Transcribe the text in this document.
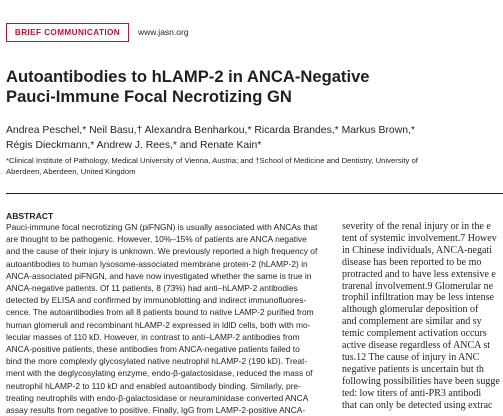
BRIEF COMMUNICATION	www.jasn.org
Autoantibodies to hLAMP-2 in ANCA-Negative
Pauci-Immune Focal Necrotizing GN
Andrea Peschel,* Neil Basu,† Alexandra Benharkou,* Ricarda Brandes,* Markus Brown,*
Régis Dieckmann,* Andrew J. Rees,* and Renate Kain*
*Clinical Institute of Pathology, Medical University of Vienna, Austria; and †School of Medicine and Dentistry, University of
Aberdeen, Aberdeen, United Kingdom
ABSTRACT
Pauci-immune focal necrotizing GN (piFNGN) is usually associated with ANCAs that
are thought to be pathogenic. However, 10%–15% of patients are ANCA negative
and the cause of their injury is unknown. We previously reported a high frequency of
autoantibodies to human lysosome-associated membrane protein-2 (hLAMP-2) in
ANCA-associated piFNGN, and have now investigated whether the same is true in
ANCA-negative patients. Of 11 patients, 8 (73%) had anti–hLAMP-2 antibodies
detected by ELISA and confirmed by immunoblotting and indirect immunofluores-
cence. The autoantibodies from all 8 patients bound to native LAMP-2 purified from
human glomeruli and recombinant hLAMP-2 expressed in ldlD cells, both with mo-
lecular masses of 110 kD. However, in contrast to anti–LAMP-2 antibodies from
ANCA-positive patients, these antibodies from ANCA-negative patients failed to
bind the more complexly glycosylated native neutrophil hLAMP-2 (190 kD). Treat-
ment with the deglycosylating enzyme, endo-β-galactosidase, reduced the mass of
neutrophil hLAMP-2 to 110 kD and enabled autoantibody binding. Similarly, pre-
treating neutrophils with endo-β-galactosidase or neuraminidase converted ANCA
assay results from negative to positive. Finally, IgG from LAMP-2-positive ANCA-
severity of the renal injury or in the e
tent of systemic involvement.7 Howev
in Chinese individuals, ANCA-negati
disease has been reported to be mo
protracted and to have less extensive e
trarenal involvement.9 Glomerular ne
trophil infiltration may be less intense
although glomerular deposition of
and complement are similar and sy
temic complement activation occurs
active disease regardless of ANCA st
tus.12 The cause of injury in ANC
negative patients is uncertain but th
following possibilities have been sugge
ted: low titers of anti-PR3 antibodi
that can only be detected using extrac
